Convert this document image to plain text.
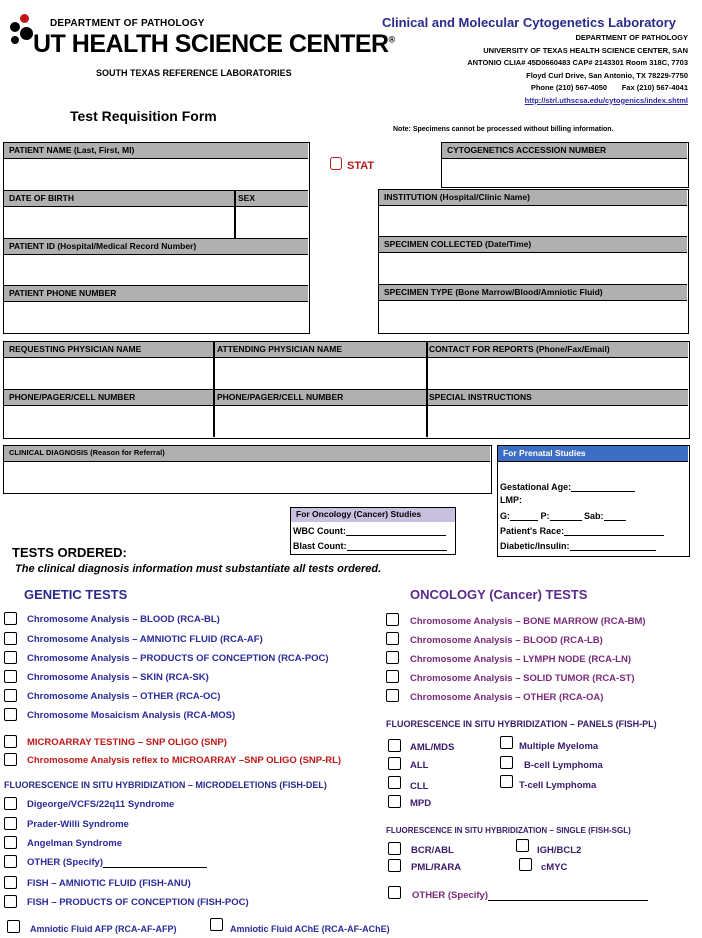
DEPARTMENT OF PATHOLOGY
UT HEALTH SCIENCE CENTER®
SOUTH TEXAS REFERENCE LABORATORIES
Clinical and Molecular Cytogenetics Laboratory
DEPARTMENT OF PATHOLOGY
UNIVERSITY OF TEXAS HEALTH SCIENCE CENTER, SAN
ANTONIO CLIA# 45D0660483 CAP# 2143301 Room 318C, 7703
Floyd Curl Drive, San Antonio, TX 78229-7750
Phone (210) 567-4050 Fax (210) 567-4041
http://strl.uthscsa.edu/cytogenics/index.shtml
Test Requisition Form
Note: Specimens cannot be processed without billing information.
PATIENT NAME (Last, First, MI)
DATE OF BIRTH	SEX
PATIENT ID (Hospital/Medical Record Number)
PATIENT PHONE NUMBER
STAT
CYTOGENETICS ACCESSION NUMBER
INSTITUTION (Hospital/Clinic Name)
SPECIMEN COLLECTED (Date/Time)
SPECIMEN TYPE (Bone Marrow/Blood/Amniotic Fluid)
REQUESTING PHYSICIAN NAME	ATTENDING PHYSICIAN NAME	CONTACT FOR REPORTS (Phone/Fax/Email)
PHONE/PAGER/CELL NUMBER	PHONE/PAGER/CELL NUMBER	SPECIAL INSTRUCTIONS
CLINICAL DIAGNOSIS (Reason for Referral)	For Prenatal Studies
Gestational Age:
LMP:
G:	P:	Sab:
Patient's Race:
Diabetic/Insulin:
For Oncology (Cancer) Studies
WBC Count:
Blast Count:
TESTS ORDERED:
The clinical diagnosis information must substantiate all tests ordered.
GENETIC TESTS
Chromosome Analysis – BLOOD (RCA-BL)
Chromosome Analysis – AMNIOTIC FLUID (RCA-AF)
Chromosome Analysis – PRODUCTS OF CONCEPTION (RCA-POC)
Chromosome Analysis – SKIN (RCA-SK)
Chromosome Analysis – OTHER (RCA-OC)
Chromosome Mosaicism Analysis (RCA-MOS)
MICROARRAY TESTING – SNP OLIGO (SNP)
Chromosome Analysis reflex to MICROARRAY –SNP OLIGO (SNP-RL)
FLUORESCENCE IN SITU HYBRIDIZATION – MICRODELETIONS (FISH-DEL)
Digeorge/VCFS/22q11 Syndrome
Prader-Willi Syndrome
Angelman Syndrome
OTHER (Specify)
FISH – AMNIOTIC FLUID (FISH-ANU)
FISH – PRODUCTS OF CONCEPTION (FISH-POC)
Amniotic Fluid AFP (RCA-AF-AFP)	Amniotic Fluid AChE (RCA-AF-AChE)
ONCOLOGY (Cancer) TESTS
Chromosome Analysis – BONE MARROW (RCA-BM)
Chromosome Analysis – BLOOD (RCA-LB)
Chromosome Analysis – LYMPH NODE (RCA-LN)
Chromosome Analysis – SOLID TUMOR (RCA-ST)
Chromosome Analysis – OTHER (RCA-OA)
FLUORESCENCE IN SITU HYBRIDIZATION – PANELS (FISH-PL)
AML/MDS	Multiple Myeloma
ALL	B-cell Lymphoma
CLL	T-cell Lymphoma
MPD
FLUORESCENCE IN SITU HYBRIDIZATION – SINGLE (FISH-SGL)
BCR/ABL	IGH/BCL2
PML/RARA	cMYC
OTHER (Specify)
